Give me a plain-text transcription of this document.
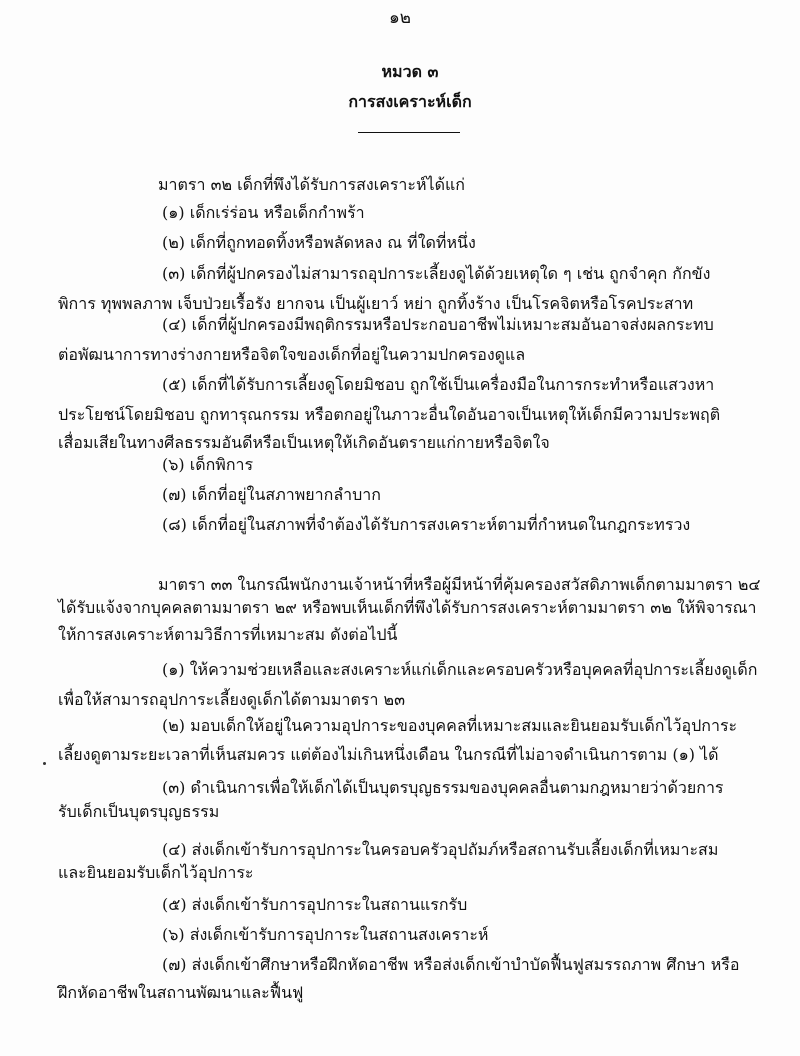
๑๒
หมวด ๓
การสงเคราะห์เด็ก
มาตรา ๓๒ เด็กที่พึงได้รับการสงเคราะห์ได้แก่
(๑) เด็กเร่ร่อน หรือเด็กกำพร้า
(๒) เด็กที่ถูกทอดทิ้งหรือพลัดหลง ณ ที่ใดที่หนึ่ง
(๓) เด็กที่ผู้ปกครองไม่สามารถอุปการะเลี้ยงดูได้ด้วยเหตุใด ๆ เช่น ถูกจำคุก กักขัง
พิการ ทุพพลภาพ เจ็บป่วยเรื้อรัง ยากจน เป็นผู้เยาว์ หย่า ถูกทิ้งร้าง เป็นโรคจิตหรือโรคประสาท
(๔) เด็กที่ผู้ปกครองมีพฤติกรรมหรือประกอบอาชีพไม่เหมาะสมอันอาจส่งผลกระทบ
ต่อพัฒนาการทางร่างกายหรือจิตใจของเด็กที่อยู่ในความปกครองดูแล
(๕) เด็กที่ได้รับการเลี้ยงดูโดยมิชอบ ถูกใช้เป็นเครื่องมือในการกระทำหรือแสวงหา
ประโยชน์โดยมิชอบ ถูกทารุณกรรม หรือตกอยู่ในภาวะอื่นใดอันอาจเป็นเหตุให้เด็กมีความประพฤติ
เสื่อมเสียในทางศีลธรรมอันดีหรือเป็นเหตุให้เกิดอันตรายแก่กายหรือจิตใจ
(๖) เด็กพิการ
(๗) เด็กที่อยู่ในสภาพยากลำบาก
(๘) เด็กที่อยู่ในสภาพที่จำต้องได้รับการสงเคราะห์ตามที่กำหนดในกฎกระทรวง
มาตรา ๓๓ ในกรณีพนักงานเจ้าหน้าที่หรือผู้มีหน้าที่คุ้มครองสวัสดิภาพเด็กตามมาตรา ๒๔
ได้รับแจ้งจากบุคคลตามมาตรา ๒๙ หรือพบเห็นเด็กที่พึงได้รับการสงเคราะห์ตามมาตรา ๓๒ ให้พิจารณา
ให้การสงเคราะห์ตามวิธีการที่เหมาะสม ดังต่อไปนี้
(๑) ให้ความช่วยเหลือและสงเคราะห์แก่เด็กและครอบครัวหรือบุคคลที่อุปการะเลี้ยงดูเด็ก
เพื่อให้สามารถอุปการะเลี้ยงดูเด็กได้ตามมาตรา ๒๓
(๒) มอบเด็กให้อยู่ในความอุปการะของบุคคลที่เหมาะสมและยินยอมรับเด็กไว้อุปการะ
เลี้ยงดูตามระยะเวลาที่เห็นสมควร แต่ต้องไม่เกินหนึ่งเดือน ในกรณีที่ไม่อาจดำเนินการตาม (๑) ได้
(๓) ดำเนินการเพื่อให้เด็กได้เป็นบุตรบุญธรรมของบุคคลอื่นตามกฎหมายว่าด้วยการ
รับเด็กเป็นบุตรบุญธรรม
(๔) ส่งเด็กเข้ารับการอุปการะในครอบครัวอุปถัมภ์หรือสถานรับเลี้ยงเด็กที่เหมาะสม
และยินยอมรับเด็กไว้อุปการะ
(๕) ส่งเด็กเข้ารับการอุปการะในสถานแรกรับ
(๖) ส่งเด็กเข้ารับการอุปการะในสถานสงเคราะห์
(๗) ส่งเด็กเข้าศึกษาหรือฝึกหัดอาชีพ หรือส่งเด็กเข้าบำบัดฟื้นฟูสมรรถภาพ ศึกษา หรือ
ฝึกหัดอาชีพในสถานพัฒนาและฟื้นฟู
